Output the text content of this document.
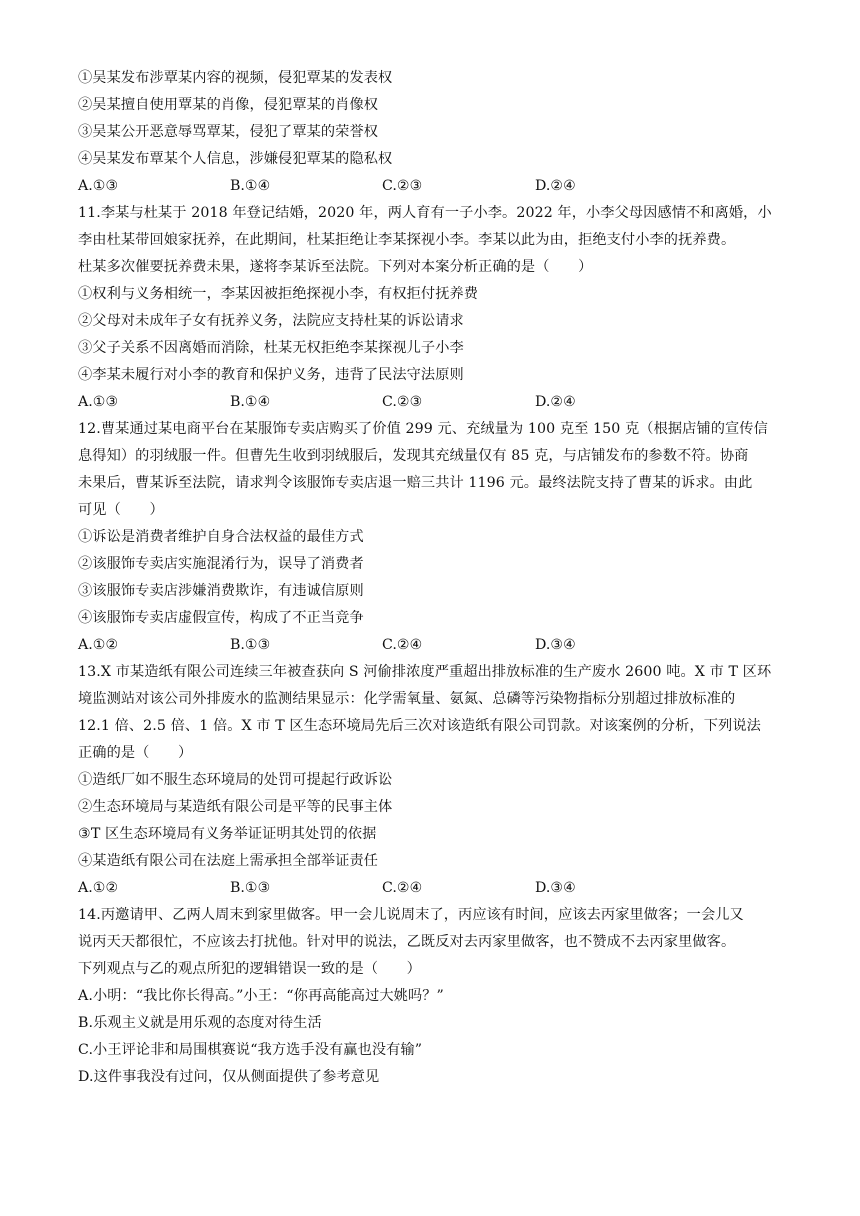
①吴某发布涉覃某内容的视频，侵犯覃某的发表权
②吴某擅自使用覃某的肖像，侵犯覃某的肖像权
③吴某公开恶意辱骂覃某，侵犯了覃某的荣誉权
④吴某发布覃某个人信息，涉嫌侵犯覃某的隐私权
A.①③	B.①④	C.②③	D.②④
11.李某与杜某于 2018 年登记结婚，2020 年，两人育有一子小李。2022 年，小李父母因感情不和离婚，小
李由杜某带回娘家抚养，在此期间，杜某拒绝让李某探视小李。李某以此为由，拒绝支付小李的抚养费。
杜某多次催要抚养费未果，遂将李某诉至法院。下列对本案分析正确的是（　　）
①权利与义务相统一，李某因被拒绝探视小李，有权拒付抚养费
②父母对未成年子女有抚养义务，法院应支持杜某的诉讼请求
③父子关系不因离婚而消除，杜某无权拒绝李某探视儿子小李
④李某未履行对小李的教育和保护义务，违背了民法守法原则
A.①③	B.①④	C.②③	D.②④
12.曹某通过某电商平台在某服饰专卖店购买了价值 299 元、充绒量为 100 克至 150 克（根据店铺的宣传信
息得知）的羽绒服一件。但曹先生收到羽绒服后，发现其充绒量仅有 85 克，与店铺发布的参数不符。协商
未果后，曹某诉至法院，请求判令该服饰专卖店退一赔三共计 1196 元。最终法院支持了曹某的诉求。由此
可见（　　）
①诉讼是消费者维护自身合法权益的最佳方式
②该服饰专卖店实施混淆行为，误导了消费者
③该服饰专卖店涉嫌消费欺诈，有违诚信原则
④该服饰专卖店虚假宣传，构成了不正当竞争
A.①②	B.①③	C.②④	D.③④
13.X 市某造纸有限公司连续三年被查获向 S 河偷排浓度严重超出排放标准的生产废水 2600 吨。X 市 T 区环
境监测站对该公司外排废水的监测结果显示：化学需氧量、氨氮、总磷等污染物指标分别超过排放标准的
12.1 倍、2.5 倍、1 倍。X 市 T 区生态环境局先后三次对该造纸有限公司罚款。对该案例的分析，下列说法
正确的是（　　）
①造纸厂如不服生态环境局的处罚可提起行政诉讼
②生态环境局与某造纸有限公司是平等的民事主体
③T 区生态环境局有义务举证证明其处罚的依据
④某造纸有限公司在法庭上需承担全部举证责任
A.①②	B.①③	C.②④	D.③④
14.丙邀请甲、乙两人周末到家里做客。甲一会儿说周末了，丙应该有时间，应该去丙家里做客；一会儿又
说丙天天都很忙，不应该去打扰他。针对甲的说法，乙既反对去丙家里做客，也不赞成不去丙家里做客。
下列观点与乙的观点所犯的逻辑错误一致的是（　　）
A.小明：“我比你长得高。”小王：“你再高能高过大姚吗？”
B.乐观主义就是用乐观的态度对待生活
C.小王评论非和局围棋赛说“我方选手没有赢也没有输”
D.这件事我没有过问，仅从侧面提供了参考意见
